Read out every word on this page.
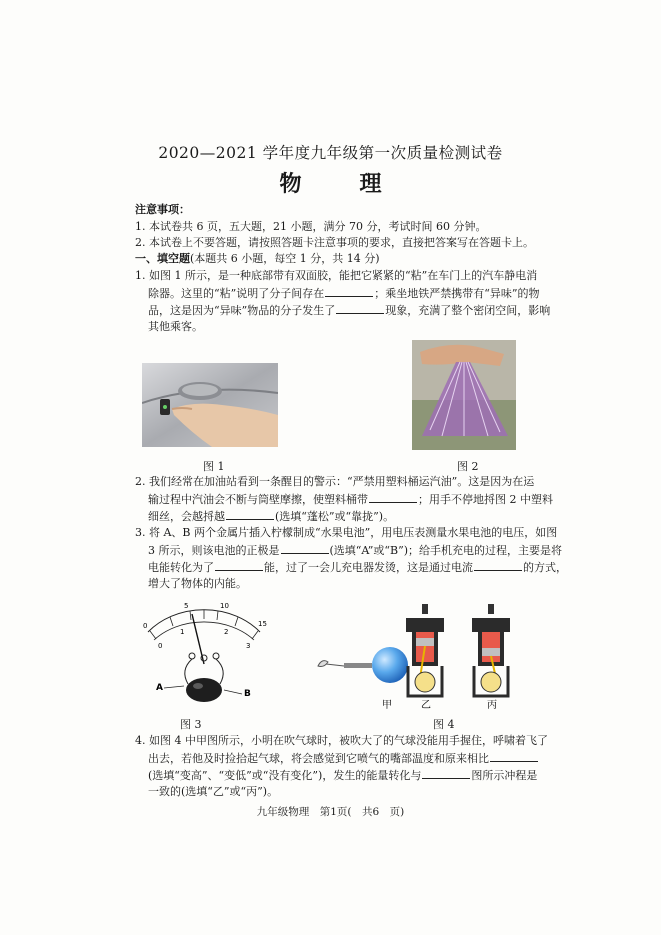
2020—2021 学年度九年级第一次质量检测试卷
物　理
注意事项：
1. 本试卷共 6 页，五大题，21 小题，满分 70 分，考试时间 60 分钟。
2. 本试卷上不要答题，请按照答题卡注意事项的要求，直接把答案写在答题卡上。
一、填空题(本题共 6 小题，每空 1 分，共 14 分)
1. 如图 1 所示，是一种底部带有双面胶，能把它紧紧的“粘”在车门上的汽车静电消
除器。这里的“粘”说明了分子间存在	；乘坐地铁严禁携带有“异味”的物
品，这是因为“异味”物品的分子发生了	现象，充满了整个密闭空间，影响
其他乘客。
图 1	图 2
2. 我们经常在加油站看到一条醒目的警示：“严禁用塑料桶运汽油”。这是因为在运
输过程中汽油会不断与筒壁摩擦，使塑料桶带	；用手不停地捋图 2 中塑料
细丝，会越捋越	(选填“蓬松”或“靠拢”)。
3. 将 A、B 两个金属片插入柠檬制成“水果电池”，用电压表测量水果电池的电压，如图
3 所示，则该电池的正极是	(选填“A”或“B”)；给手机充电的过程，主要是将
电能转化为了	能，过了一会儿充电器发烫，这是通过电流	的方式，
增大了物体的内能。
0
5	10
15
0
1	2
3
A
B
甲	乙	丙
图 3	图 4
4. 如图 4 中甲图所示，小明在吹气球时，被吹大了的气球没能用手握住，呼啸着飞了
出去，若他及时捡拾起气球，将会感觉到它喷气的嘴部温度和原来相比
(选填“变高”、“变低”或“没有变化”)，发生的能量转化与	图所示冲程是
一致的(选填“乙”或“丙”)。
九年级物理　第1页(　共6　页)
